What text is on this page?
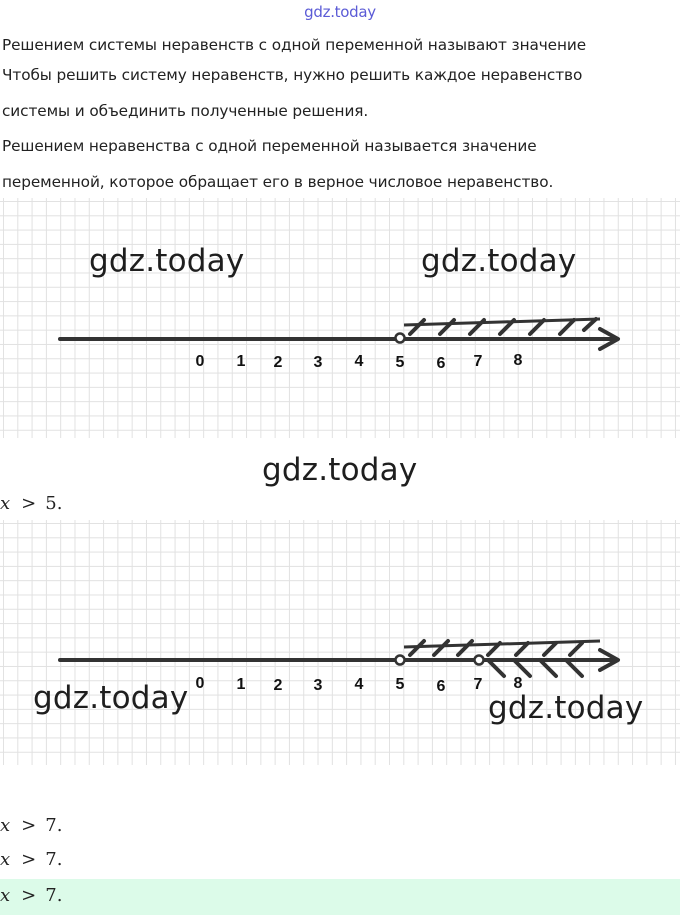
gdz.today
Решением системы неравенств с одной переменной называют значение
Чтобы решить систему неравенств, нужно решить каждое неравенство
системы и объединить полученные решения.
Решением неравенства с одной переменной называется значение
переменной, которое обращает его в верное числовое неравенство.
0 1 2 3 4 5 6 7 8
gdz.today	gdz.today
gdz.today
x > 5.
0 1 2 3 4 5 6 7 8
gdz.today	gdz.today
x > 7.
x > 7.
x > 7.
